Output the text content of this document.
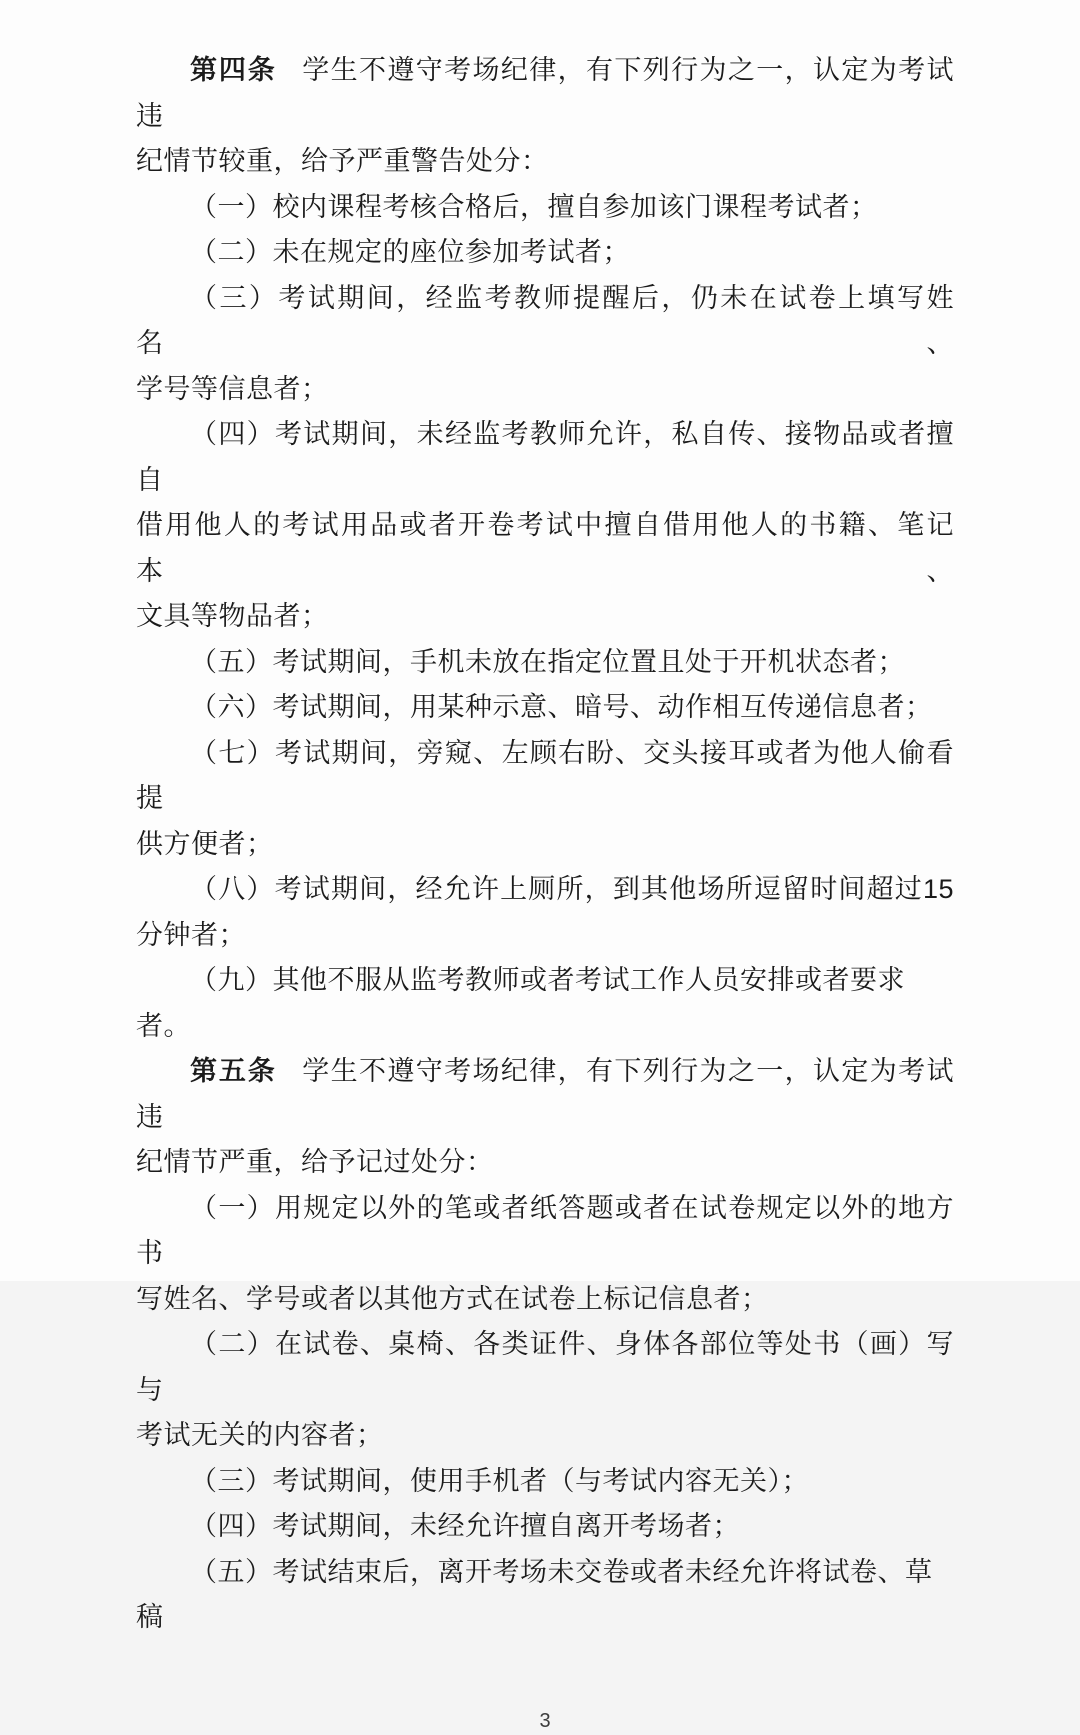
第四条 学生不遵守考场纪律，有下列行为之一，认定为考试违
纪情节较重，给予严重警告处分：

（一）校内课程考核合格后，擅自参加该门课程考试者；

（二）未在规定的座位参加考试者；

（三）考试期间，经监考教师提醒后，仍未在试卷上填写姓名、
学号等信息者；

（四）考试期间，未经监考教师允许，私自传、接物品或者擅自
借用他人的考试用品或者开卷考试中擅自借用他人的书籍、笔记本、
文具等物品者；

（五）考试期间，手机未放在指定位置且处于开机状态者；

（六）考试期间，用某种示意、暗号、动作相互传递信息者；

（七）考试期间，旁窥、左顾右盼、交头接耳或者为他人偷看提
供方便者；

（八）考试期间，经允许上厕所，到其他场所逗留时间超过15
分钟者；

（九）其他不服从监考教师或者考试工作人员安排或者要求者。

第五条 学生不遵守考场纪律，有下列行为之一，认定为考试违
纪情节严重，给予记过处分：

（一）用规定以外的笔或者纸答题或者在试卷规定以外的地方书
写姓名、学号或者以其他方式在试卷上标记信息者；

（二）在试卷、桌椅、各类证件、身体各部位等处书（画）写与
考试无关的内容者；

（三）考试期间，使用手机者（与考试内容无关）；

（四）考试期间，未经允许擅自离开考场者；

（五）考试结束后，离开考场未交卷或者未经允许将试卷、草稿

3
